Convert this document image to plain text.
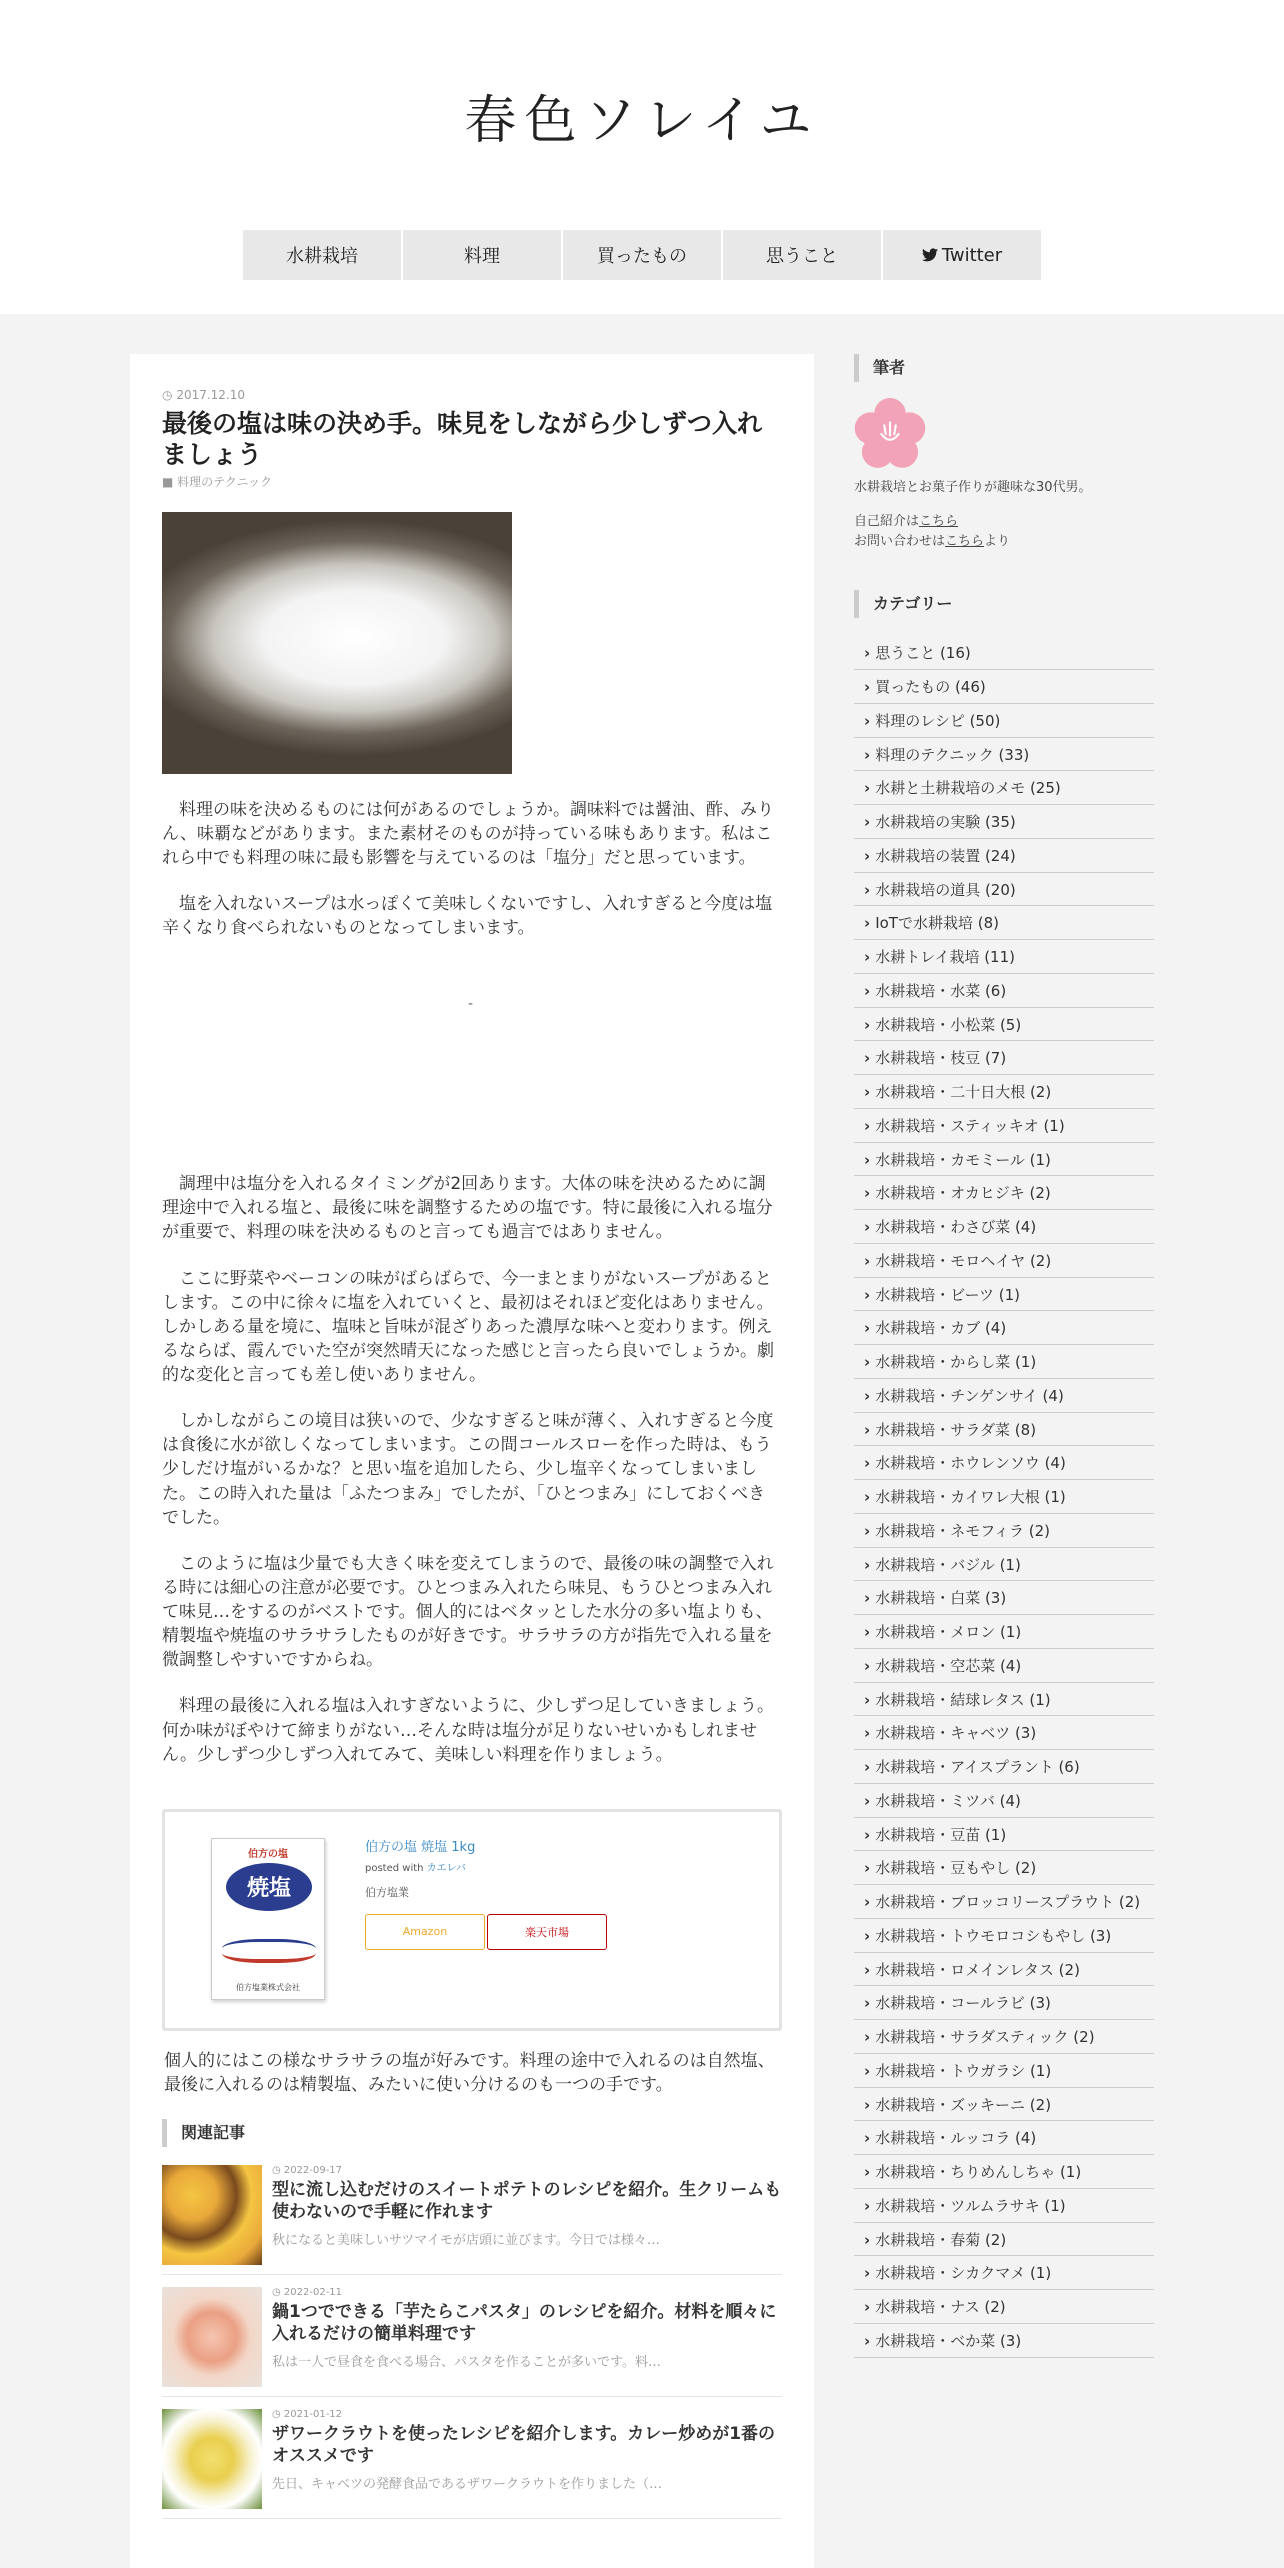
春色ソレイユ
水耕栽培	料理	買ったもの	思うこと	Twitter
◷ 2017.12.10
最後の塩は味の決め手。味見をしながら少しずつ入れましょう
■ 料理のテクニック

料理の味を決めるものには何があるのでしょうか。調味料では醤油、酢、みりん、味覇などがあります。また素材そのものが持っている味もあります。私はこれら中でも料理の味に最も影響を与えているのは「塩分」だと思っています。

塩を入れないスープは水っぽくて美味しくないですし、入れすぎると今度は塩辛くなり食べられないものとなってしまいます。

-

調理中は塩分を入れるタイミングが2回あります。大体の味を決めるために調理途中で入れる塩と、最後に味を調整するための塩です。特に最後に入れる塩分が重要で、料理の味を決めるものと言っても過言ではありません。

ここに野菜やベーコンの味がばらばらで、今一まとまりがないスープがあるとします。この中に徐々に塩を入れていくと、最初はそれほど変化はありません。しかしある量を境に、塩味と旨味が混ざりあった濃厚な味へと変わります。例えるならば、霞んでいた空が突然晴天になった感じと言ったら良いでしょうか。劇的な変化と言っても差し使いありません。

しかしながらこの境目は狭いので、少なすぎると味が薄く、入れすぎると今度は食後に水が欲しくなってしまいます。この間コールスローを作った時は、もう少しだけ塩がいるかな？と思い塩を追加したら、少し塩辛くなってしまいました。この時入れた量は「ふたつまみ」でしたが、「ひとつまみ」にしておくべきでした。

このように塩は少量でも大きく味を変えてしまうので、最後の味の調整で入れる時には細心の注意が必要です。ひとつまみ入れたら味見、もうひとつまみ入れて味見…をするのがベストです。個人的にはベタッとした水分の多い塩よりも、精製塩や焼塩のサラサラしたものが好きです。サラサラの方が指先で入れる量を微調整しやすいですからね。

料理の最後に入れる塩は入れすぎないように、少しずつ足していきましょう。何か味がぼやけて締まりがない…そんな時は塩分が足りないせいかもしれません。少しずつ少しずつ入れてみて、美味しい料理を作りましょう。

伯方の塩
焼塩
伯方塩業株式会社
伯方の塩 焼塩 1kg
posted with カエレバ
伯方塩業
Amazon	楽天市場

個人的にはこの様なサラサラの塩が好みです。料理の途中で入れるのは自然塩、最後に入れるのは精製塩、みたいに使い分けるのも一つの手です。

関連記事
◷ 2022-09-17
型に流し込むだけのスイートポテトのレシピを紹介。生クリームも使わないので手軽に作れます
秋になると美味しいサツマイモが店頭に並びます。今日では様々…
◷ 2022-02-11
鍋1つでできる「芋たらこパスタ」のレシピを紹介。材料を順々に入れるだけの簡単料理です
私は一人で昼食を食べる場合、パスタを作ることが多いです。料…
◷ 2021-01-12
ザワークラウトを使ったレシピを紹介します。カレー炒めが1番のオススメです
先日、キャベツの発酵食品であるザワークラウトを作りました（…
筆者

水耕栽培とお菓子作りが趣味な30代男。

自己紹介はこちら

お問い合わせはこちらより

カテゴリー
› 思うこと (16)
› 買ったもの (46)
› 料理のレシピ (50)
› 料理のテクニック (33)
› 水耕と土耕栽培のメモ (25)
› 水耕栽培の実験 (35)
› 水耕栽培の装置 (24)
› 水耕栽培の道具 (20)
› IoTで水耕栽培 (8)
› 水耕トレイ栽培 (11)
› 水耕栽培・水菜 (6)
› 水耕栽培・小松菜 (5)
› 水耕栽培・枝豆 (7)
› 水耕栽培・二十日大根 (2)
› 水耕栽培・スティッキオ (1)
› 水耕栽培・カモミール (1)
› 水耕栽培・オカヒジキ (2)
› 水耕栽培・わさび菜 (4)
› 水耕栽培・モロヘイヤ (2)
› 水耕栽培・ビーツ (1)
› 水耕栽培・カブ (4)
› 水耕栽培・からし菜 (1)
› 水耕栽培・チンゲンサイ (4)
› 水耕栽培・サラダ菜 (8)
› 水耕栽培・ホウレンソウ (4)
› 水耕栽培・カイワレ大根 (1)
› 水耕栽培・ネモフィラ (2)
› 水耕栽培・バジル (1)
› 水耕栽培・白菜 (3)
› 水耕栽培・メロン (1)
› 水耕栽培・空芯菜 (4)
› 水耕栽培・結球レタス (1)
› 水耕栽培・キャベツ (3)
› 水耕栽培・アイスプラント (6)
› 水耕栽培・ミツバ (4)
› 水耕栽培・豆苗 (1)
› 水耕栽培・豆もやし (2)
› 水耕栽培・ブロッコリースプラウト (2)
› 水耕栽培・トウモロコシもやし (3)
› 水耕栽培・ロメインレタス (2)
› 水耕栽培・コールラビ (3)
› 水耕栽培・サラダスティック (2)
› 水耕栽培・トウガラシ (1)
› 水耕栽培・ズッキーニ (2)
› 水耕栽培・ルッコラ (4)
› 水耕栽培・ちりめんしちゃ (1)
› 水耕栽培・ツルムラサキ (1)
› 水耕栽培・春菊 (2)
› 水耕栽培・シカクマメ (1)
› 水耕栽培・ナス (2)
› 水耕栽培・ベか菜 (3)
